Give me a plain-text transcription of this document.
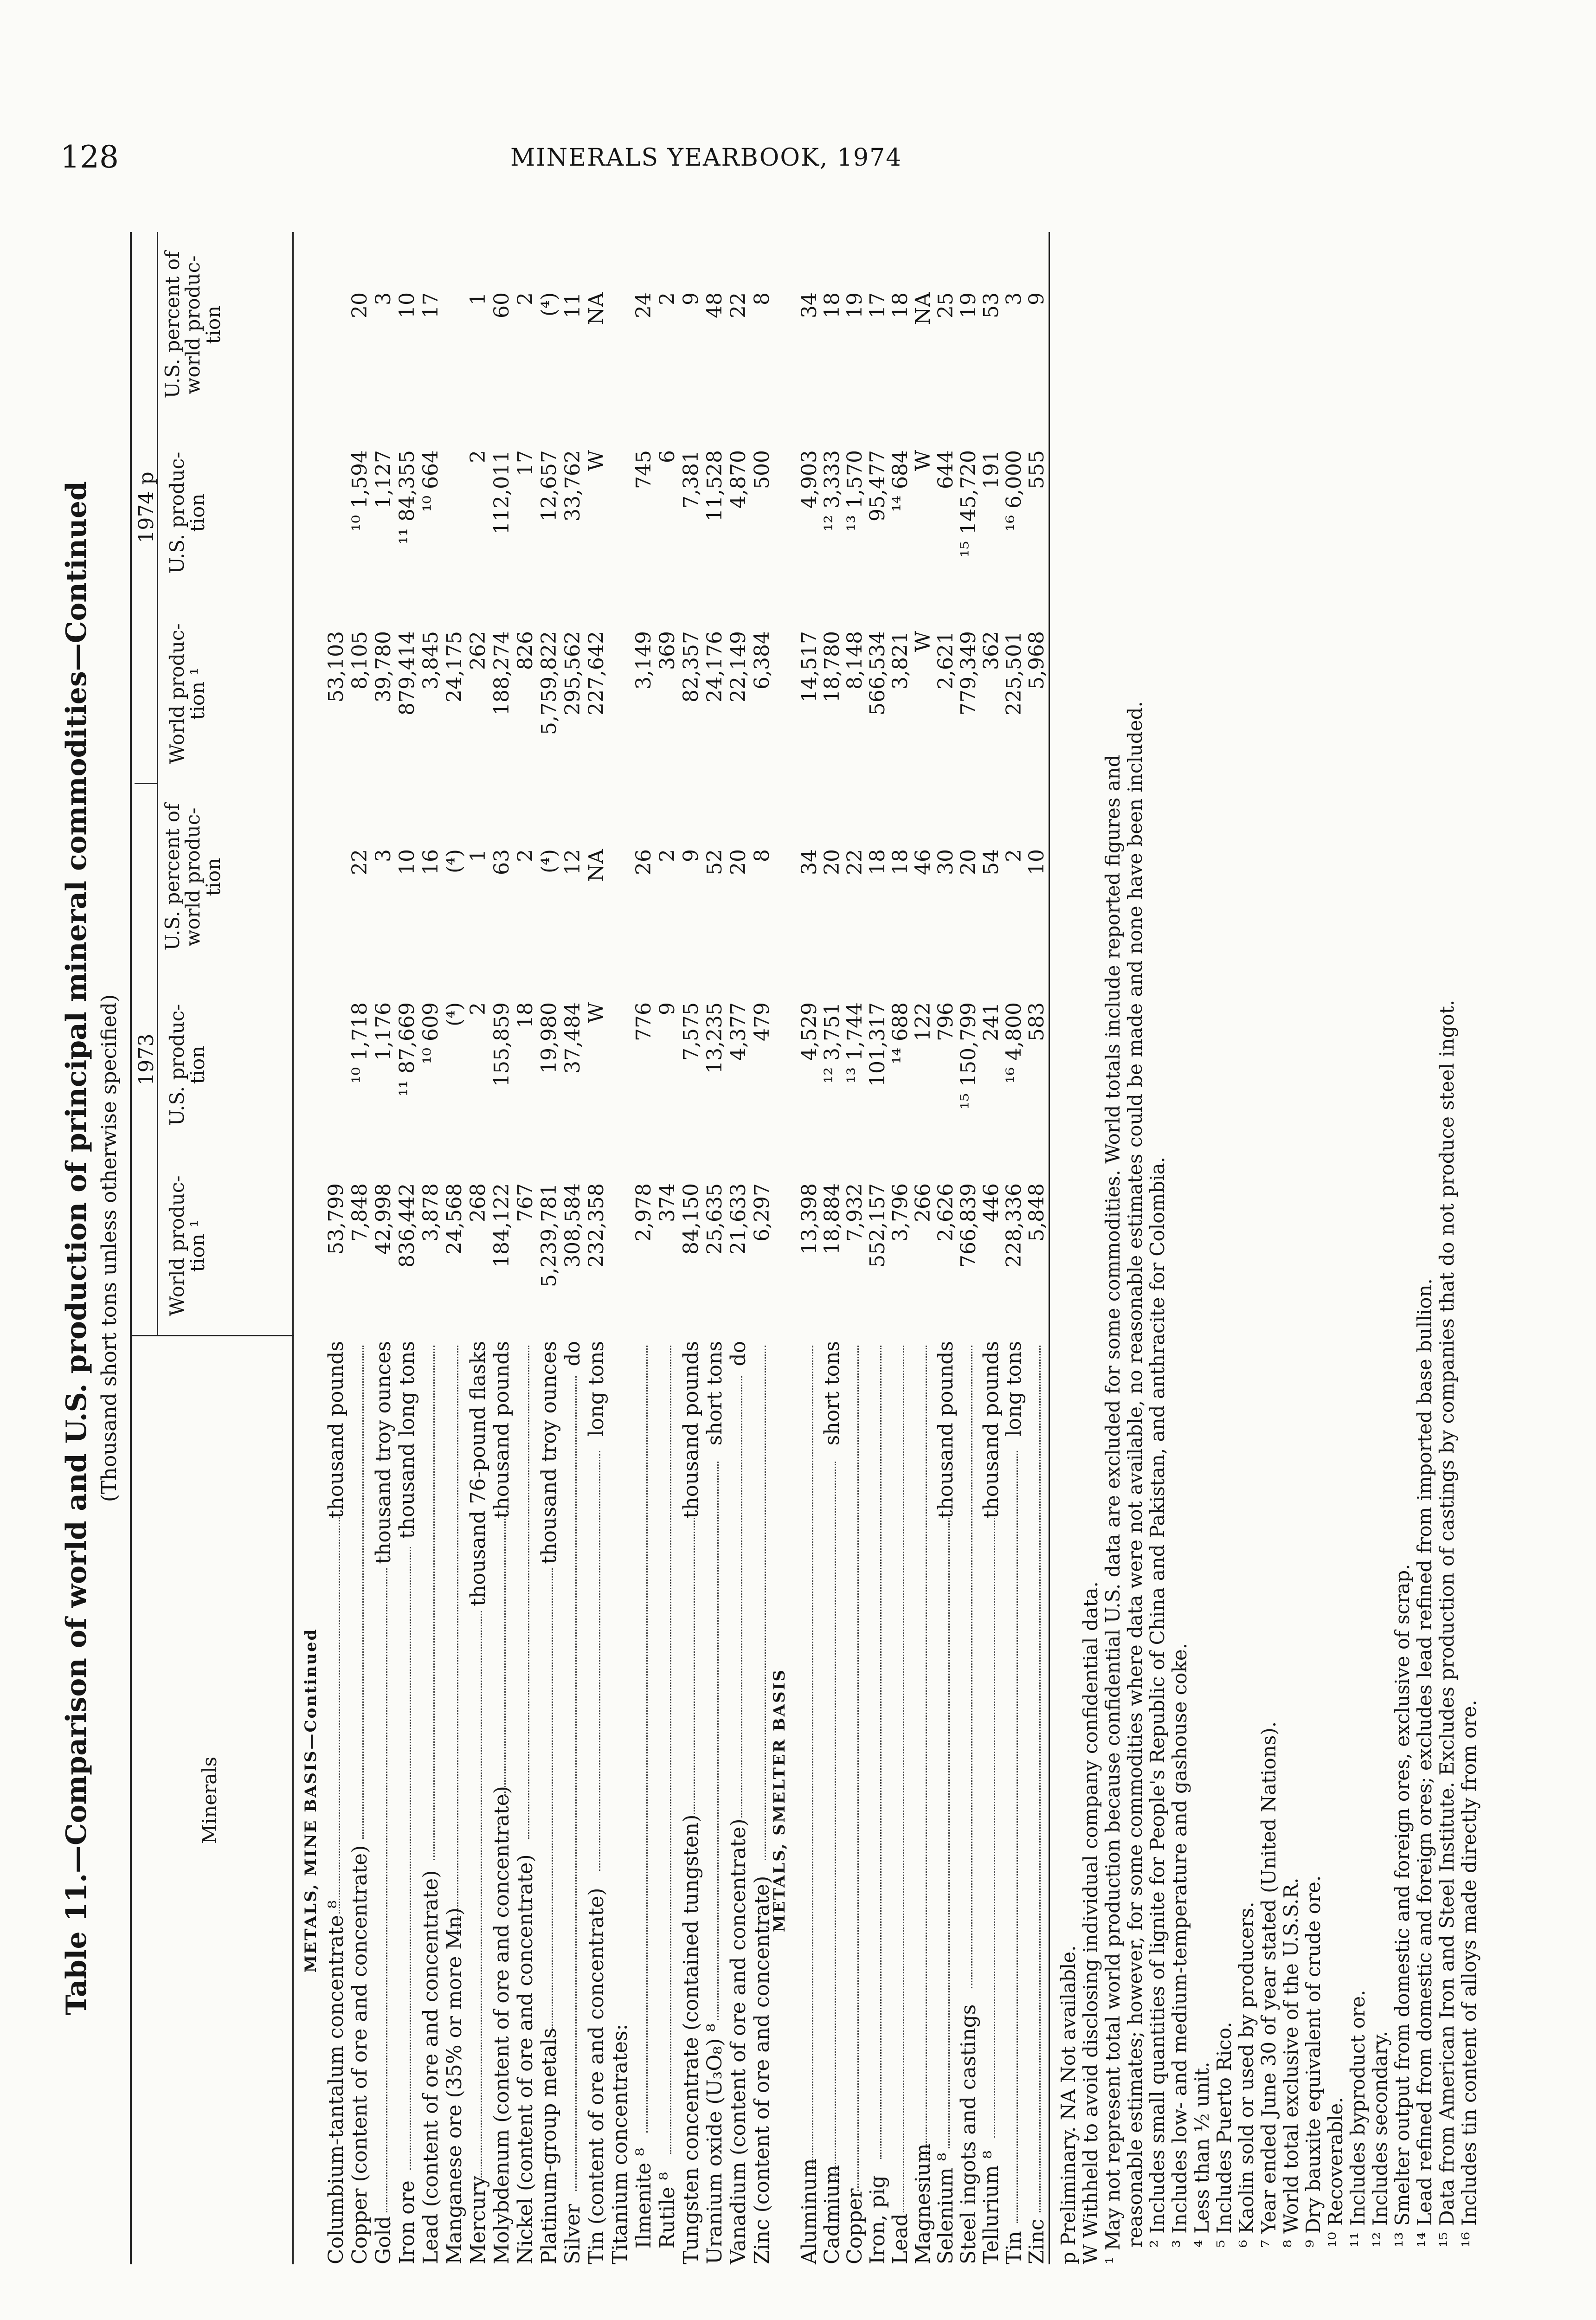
128	MINERALS YEARBOOK, 1974
Table 11.—Comparison of world and U.S. production of principal mineral commodities—Continued (Thousand short tons unless otherwise specified)
Minerals
1973
1974 p
World produc- tion ¹
U.S. produc- tion
U.S. percent of world produc- tion
World produc- tion ¹
U.S. produc- tion
U.S. percent of world produc- tion
METALS, MINE BASIS—Continued
Columbium-tantalum concentrate ⁸
thousand pounds
53,799
53,103
Copper (content of ore and concentrate)
7,848
¹⁰ 1,718
22
8,105
¹⁰ 1,594
20
Gold
thousand troy ounces
42,998
1,176
3
39,780
1,127
3
Iron ore
thousand long tons
836,442
¹¹ 87,669
10
879,414
¹¹ 84,355
10
Lead (content of ore and concentrate)
3,878
¹⁰ 609
16
3,845
¹⁰ 664
17
Manganese ore (35% or more Mn)
24,568
(⁴)
(⁴)
24,175
Mercury
thousand 76-pound flasks
268
2
1
262
2
1
Molybdenum (content of ore and concentrate)
thousand pounds
184,122
155,859
63
188,274
112,011
60
Nickel (content of ore and concentrate)
767
18
2
826
17
2
Platinum-group metals
thousand troy ounces
5,239,781
19,980
(⁴)
5,759,822
12,657
(⁴)
Silver
do
308,584
37,484
12
295,562
33,762
11
Tin (content of ore and concentrate)
long tons
232,358
W
NA
227,642
W
NA
Titanium concentrates: Ilmenite ⁸
2,978
776
26
3,149
745
24
Rutile ⁸
374
9
2
369
6
2
Tungsten concentrate (contained tungsten)
thousand pounds
84,150
7,575
9
82,357
7,381
9
Uranium oxide (U₃O₈) ⁸
short tons
25,635
13,235
52
24,176
11,528
48
Vanadium (content of ore and concentrate)
do
21,633
4,377
20
22,149
4,870
22
Zinc (content of ore and concentrate)
6,297
479
8
6,384
500
8
METALS, SMELTER BASIS
Aluminum
13,398
4,529
34
14,517
4,903
34
Cadmium
short tons
18,884
¹² 3,751
20
18,780
¹² 3,333
18
Copper
7,932
¹³ 1,744
22
8,148
¹³ 1,570
19
Iron, pig
552,157
101,317
18
566,534
95,477
17
Lead
3,796
¹⁴ 688
18
3,821
¹⁴ 684
18
Magnesium
266
122
46
W
W
NA
Selenium ⁸
thousand pounds
2,626
796
30
2,621
644
25
Steel ingots and castings
766,839
¹⁵ 150,799
20
779,349
¹⁵ 145,720
19
Tellurium ⁸
thousand pounds
446
241
54
362
191
53
Tin
long tons
228,336
¹⁶ 4,800
2
225,501
¹⁶ 6,000
3
Zinc
5,848
583
10
5,968
555
9
p Preliminary. NA Not available. W Withheld to avoid disclosing individual company confidential data. ¹ May not represent total world production because confidential U.S. data are excluded for some commodities. World totals include reported figures and reasonable estimates; however, for some commodities where data were not available, no reasonable estimates could be made and none have been included. ² Includes small quantities of lignite for People's Republic of China and Pakistan, and anthracite for Colombia. ³ Includes low- and medium-temperature and gashouse coke. ⁴ Less than ½ unit. ⁵ Includes Puerto Rico. ⁶ Kaolin sold or used by producers. ⁷ Year ended June 30 of year stated (United Nations). ⁸ World total exclusive of the U.S.S.R. ⁹ Dry bauxite equivalent of crude ore. ¹⁰ Recoverable. ¹¹ Includes byproduct ore. ¹² Includes secondary. ¹³ Smelter output from domestic and foreign ores, exclusive of scrap. ¹⁴ Lead refined from domestic and foreign ores; excludes lead refined from imported base bullion. ¹⁵ Data from American Iron and Steel Institute. Excludes production of castings by companies that do not produce steel ingot. ¹⁶ Includes tin content of alloys made directly from ore.
